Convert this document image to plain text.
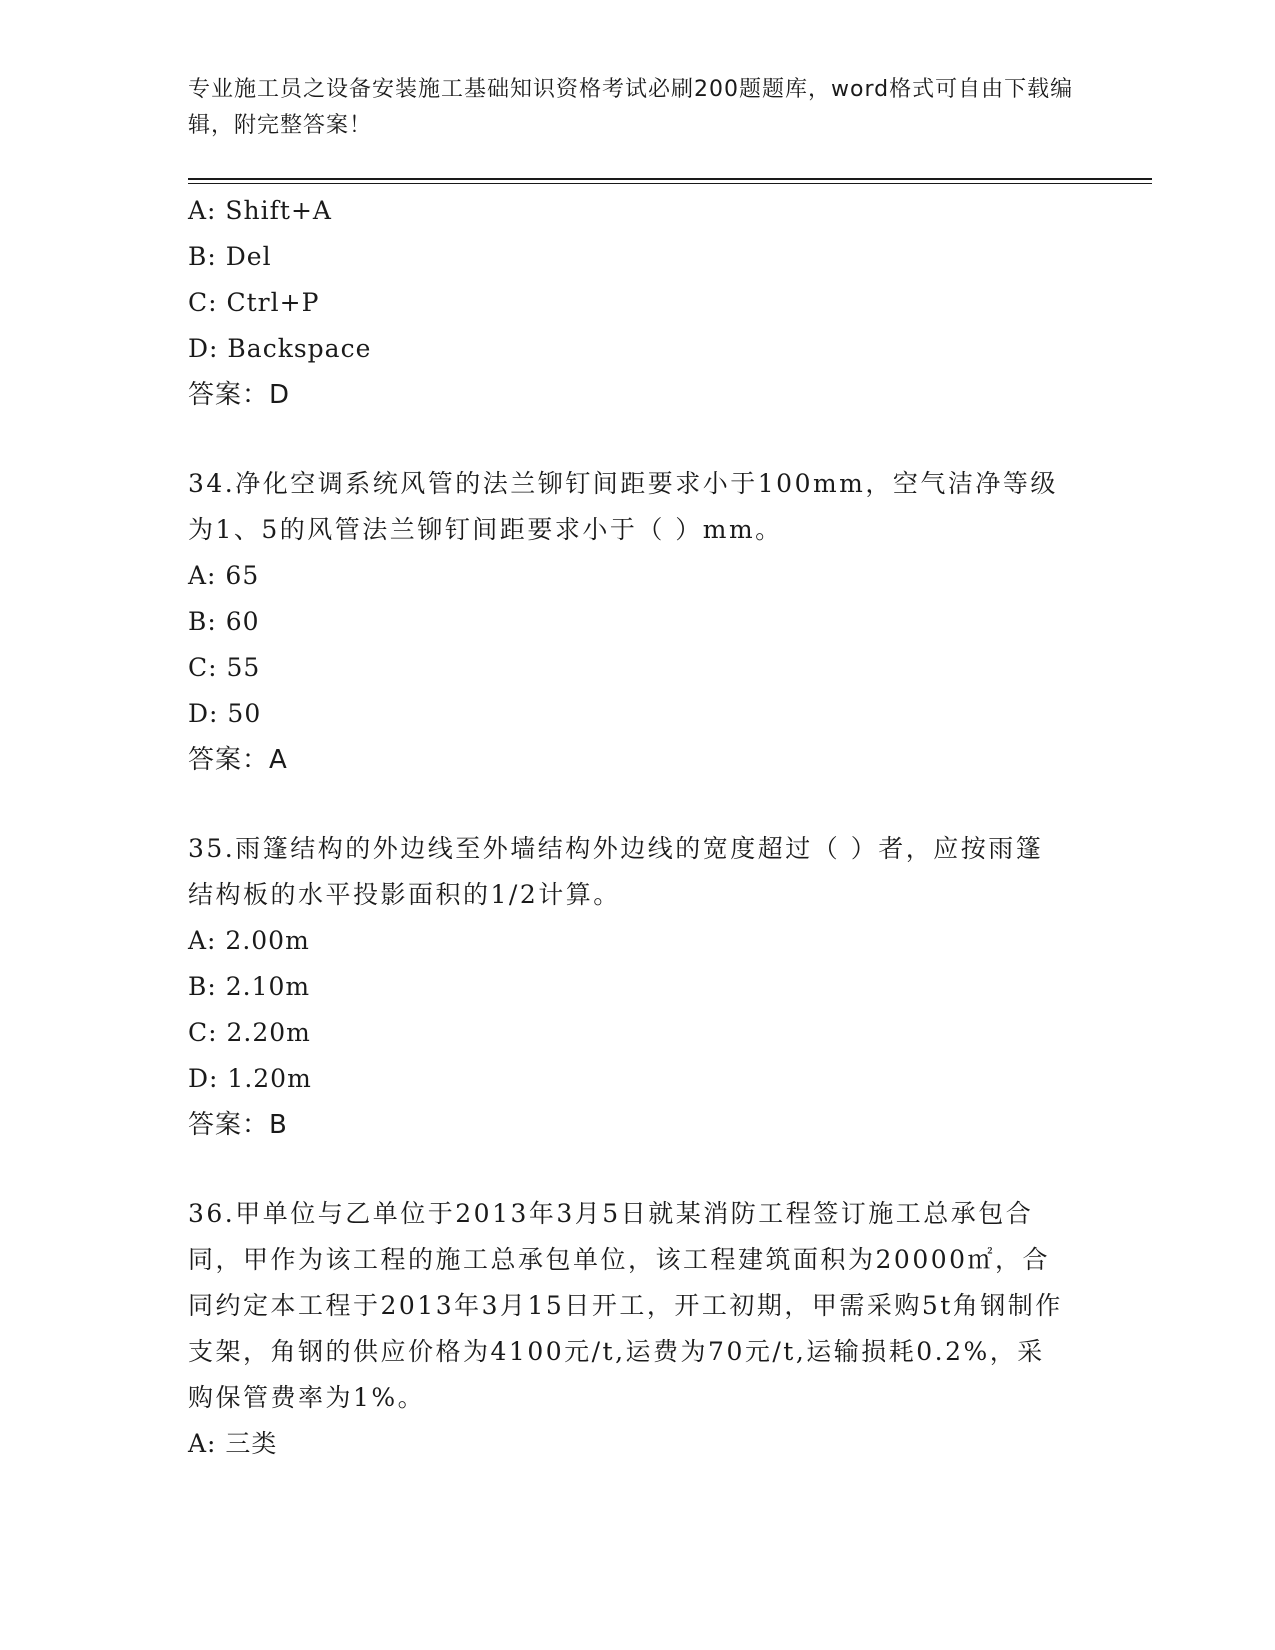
专业施工员之设备安装施工基础知识资格考试必刷200题题库，word格式可自由下载编辑，附完整答案！
A: Shift+A
B: Del
C: Ctrl+P
D: Backspace
答案：D
34.净化空调系统风管的法兰铆钉间距要求小于100mm，空气洁净等级为1、5的风管法兰铆钉间距要求小于（ ）mm。
A: 65
B: 60
C: 55
D: 50
答案：A
35.雨篷结构的外边线至外墙结构外边线的宽度超过（ ）者，应按雨篷结构板的水平投影面积的1/2计算。
A: 2.00m
B: 2.10m
C: 2.20m
D: 1.20m
答案：B
36.甲单位与乙单位于2013年3月5日就某消防工程签订施工总承包合同，甲作为该工程的施工总承包单位，该工程建筑面积为20000㎡，合同约定本工程于2013年3月15日开工，开工初期，甲需采购5t角钢制作支架，角钢的供应价格为4100元/t,运费为70元/t,运输损耗0.2%，采购保管费率为1%。
A: 三类
